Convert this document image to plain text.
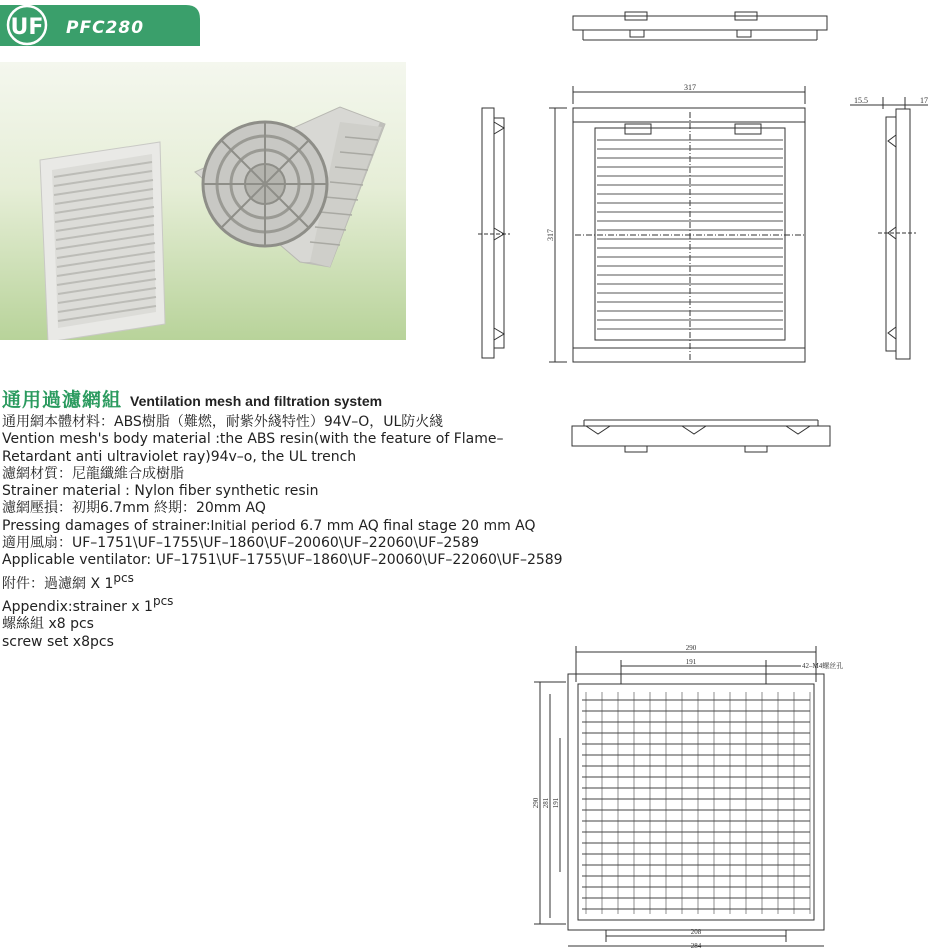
UF PFC280
通用過濾網組 Ventilation mesh and filtration system
通用網本體材料：ABS樹脂（難燃，耐紫外綫特性）94V–O，UL防火綫
Vention mesh's body material :the ABS resin(with the feature of Flame–
Retardant anti ultraviolet ray)94v–o, the UL trench
濾網材質：尼龍纖維合成樹脂
Strainer material : Nylon fiber synthetic resin
濾網壓損：初期6.7mm 終期：20mm AQ
Pressing damages of strainer:Initial period 6.7 mm AQ final stage 20 mm AQ
適用風扇：UF–1751\UF–1755\UF–1860\UF–20060\UF–22060\UF–2589
Applicable ventilator: UF–1751\UF–1755\UF–1860\UF–20060\UF–22060\UF–2589
附件：過濾網 X 1pcs
Appendix:strainer x 1pcs
螺絲組 x8 pcs
screw set x8pcs
15.5	17
317
317
290
191	42–M4螺丝孔
290 281 191
208
284
